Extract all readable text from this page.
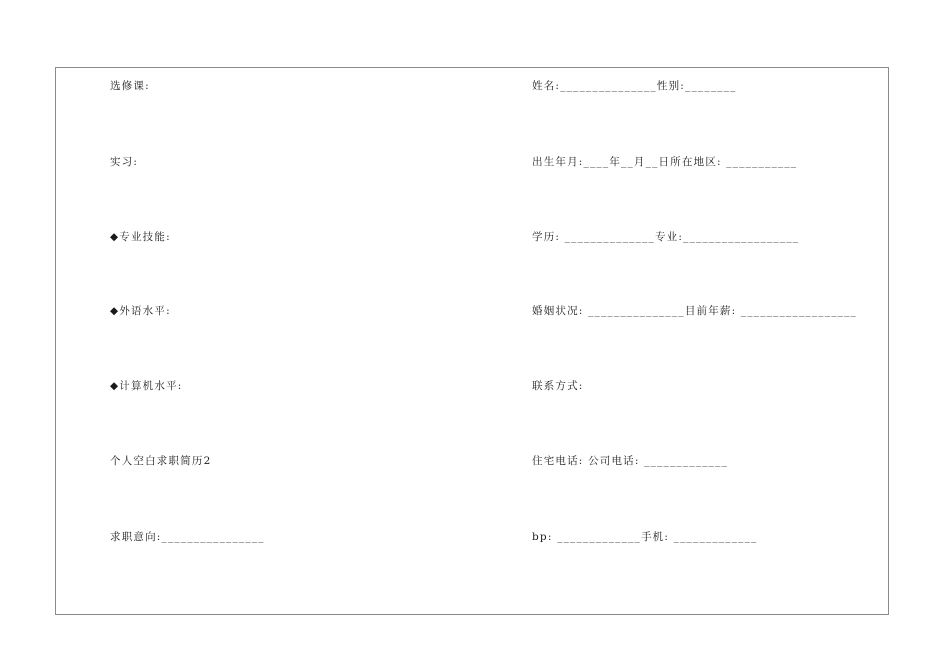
选修课:
实习:
◆专业技能:
◆外语水平:
◆计算机水平:
个人空白求职简历2
求职意向:________________
姓名:_______________性别:________
出生年月:____年__月__日所在地区: ___________
学历: ______________专业:__________________
婚姻状况: _______________目前年薪: __________________
联系方式:
住宅电话: 公司电话: _____________
bp: _____________手机: _____________
